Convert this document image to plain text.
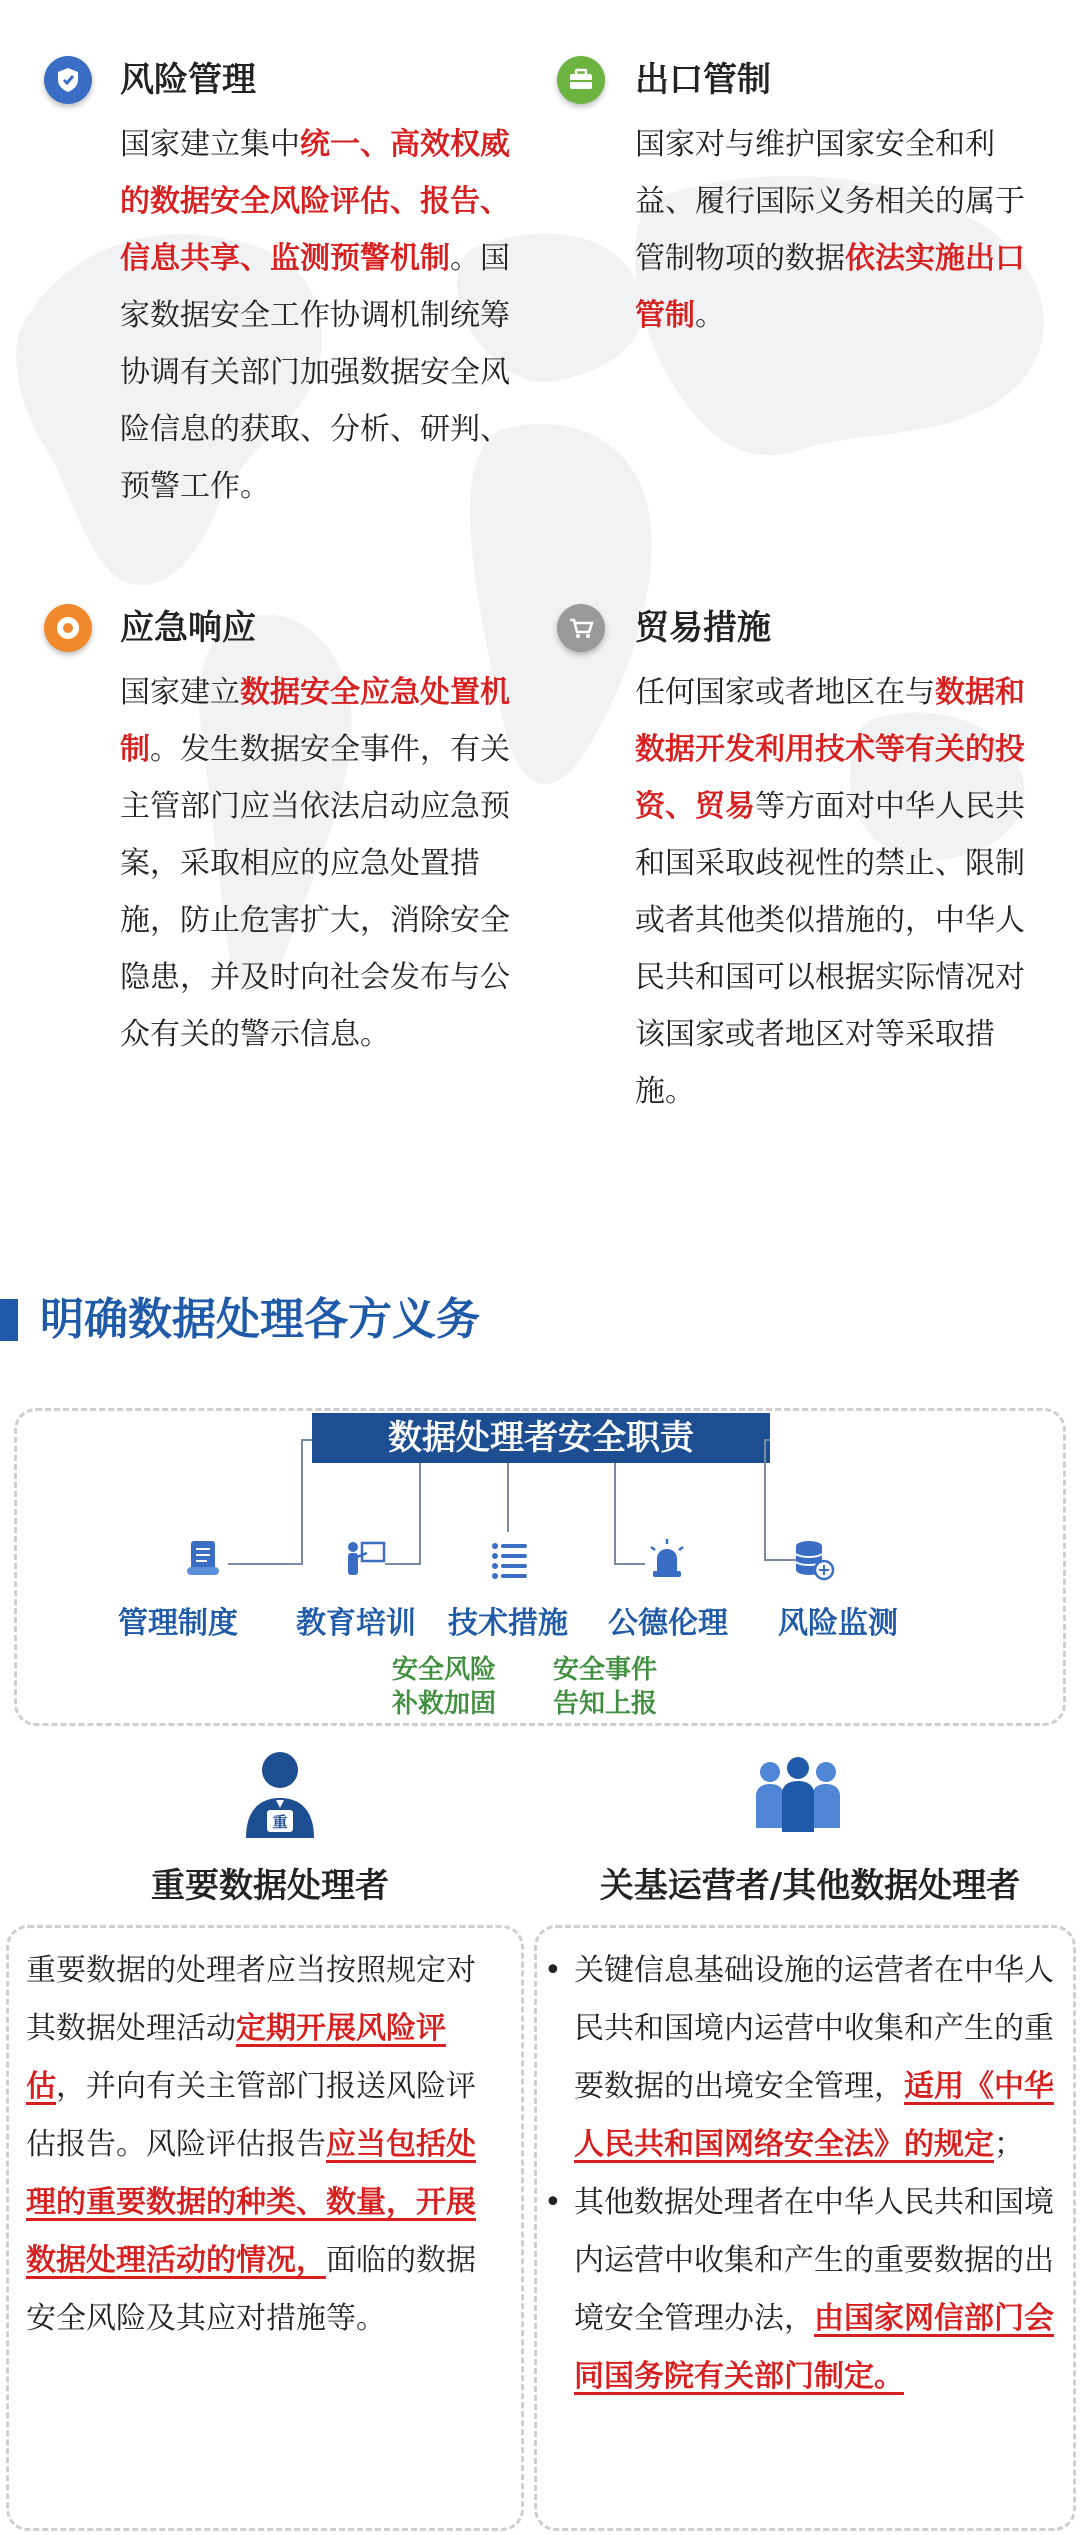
风险管理
国家建立集中统一、高效权威的数据安全风险评估、报告、信息共享、监测预警机制。国家数据安全工作协调机制统筹协调有关部门加强数据安全风险信息的获取、分析、研判、预警工作。
出口管制
国家对与维护国家安全和利益、履行国际义务相关的属于管制物项的数据依法实施出口管制。
应急响应
国家建立数据安全应急处置机制。发生数据安全事件，有关主管部门应当依法启动应急预案，采取相应的应急处置措施，防止危害扩大，消除安全隐患，并及时向社会发布与公众有关的警示信息。
贸易措施
任何国家或者地区在与数据和数据开发利用技术等有关的投资、贸易等方面对中华人民共和国采取歧视性的禁止、限制或者其他类似措施的，中华人民共和国可以根据实际情况对该国家或者地区对等采取措施。
明确数据处理各方义务
数据处理者安全职责
管理制度	教育培训	技术措施	公德伦理	风险监测
安全风险
补救加固
安全事件
告知上报
重
重要数据处理者	关基运营者/其他数据处理者
重要数据的处理者应当按照规定对其数据处理活动定期开展风险评估，并向有关主管部门报送风险评估报告。风险评估报告应当包括处理的重要数据的种类、数量，开展数据处理活动的情况，面临的数据安全风险及其应对措施等。
• 关键信息基础设施的运营者在中华人民共和国境内运营中收集和产生的重要数据的出境安全管理，适用《中华人民共和国网络安全法》的规定；
• 其他数据处理者在中华人民共和国境内运营中收集和产生的重要数据的出境安全管理办法，由国家网信部门会同国务院有关部门制定。
